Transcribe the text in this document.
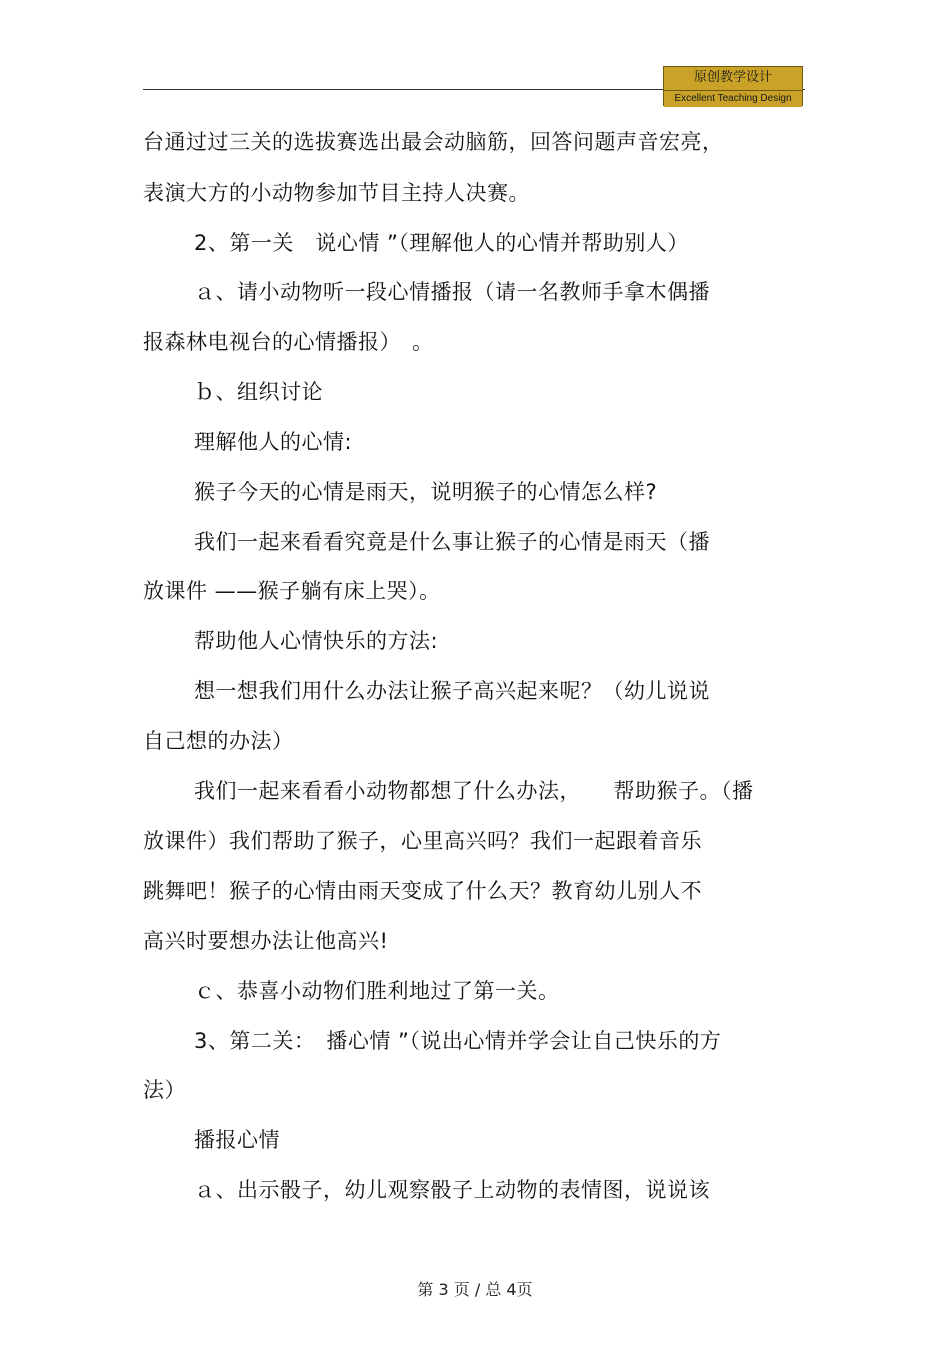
原创教学设计
Excellent Teaching Design
台通过过三关的选拔赛选出最会动脑筋，回答问题声音宏亮，
表演大方的小动物参加节目主持人决赛。
2、第一关　说心情 ”（理解他人的心情并帮助别人）
ａ、请小动物听一段心情播报（请一名教师手拿木偶播
报森林电视台的心情播报）　。
ｂ、组织讨论
理解他人的心情:
猴子今天的心情是雨天，说明猴子的心情怎么样?
我们一起来看看究竟是什么事让猴子的心情是雨天（播
放课件 ——猴子躺有床上哭）。
帮助他人心情快乐的方法:
想一想我们用什么办法让猴子高兴起来呢？（幼儿说说
自己想的办法）
我们一起来看看小动物都想了什么办法，　　帮助猴子。（播
放课件）我们帮助了猴子，心里高兴吗？我们一起跟着音乐
跳舞吧！猴子的心情由雨天变成了什么天？教育幼儿别人不
高兴时要想办法让他高兴!
ｃ、恭喜小动物们胜利地过了第一关。
3、第二关：　播心情 ”（说出心情并学会让自己快乐的方
法）
播报心情
ａ、出示骰子，幼儿观察骰子上动物的表情图，说说该
第 3 页 / 总 4页
